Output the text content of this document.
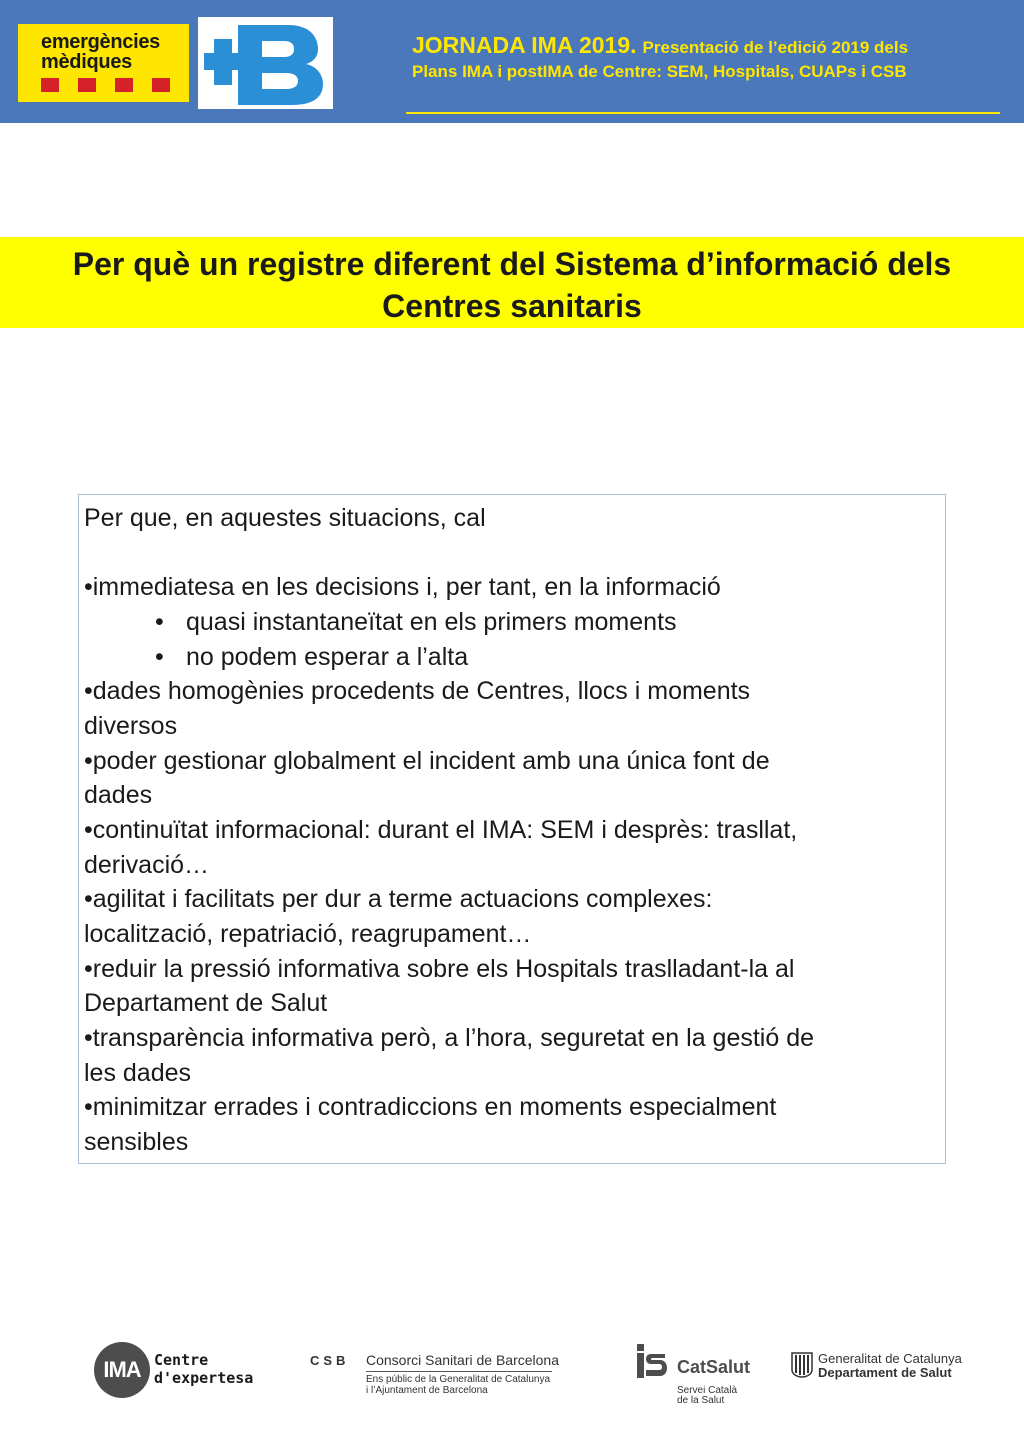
emergències
mèdiques
JORNADA IMA 2019. Presentació de l’edició 2019 dels
Plans IMA i postIMA de Centre: SEM, Hospitals, CUAPs i CSB
Per què un registre diferent del Sistema d’informació dels
Centres sanitaris

Per que, en aquestes situacions, cal

•immediatesa en les decisions i, per tant, en la informació

• quasi instantaneïtat en els primers moments

• no podem esperar a l’alta

•dades homogènies procedents de Centres, llocs i moments

diversos

•poder gestionar globalment el incident amb una única font de

dades

•continuïtat informacional: durant el IMA: SEM i desprès: trasllat,

derivació…

•agilitat i facilitats per dur a terme actuacions complexes:

localització, repatriació, reagrupament…

•reduir la pressió informativa sobre els Hospitals traslladant-la al

Departament de Salut

•transparència informativa però, a l’hora, seguretat en la gestió de

les dades

•minimitzar errades i contradiccions en moments especialment

sensibles

IMA Centre
d'expertesa
CSB Consorci Sanitari de Barcelona
Ens públic de la Generalitat de Catalunya
i l’Ajuntament de Barcelona
CatSalut
Servei Català
de la Salut
Generalitat de Catalunya
Departament de Salut
